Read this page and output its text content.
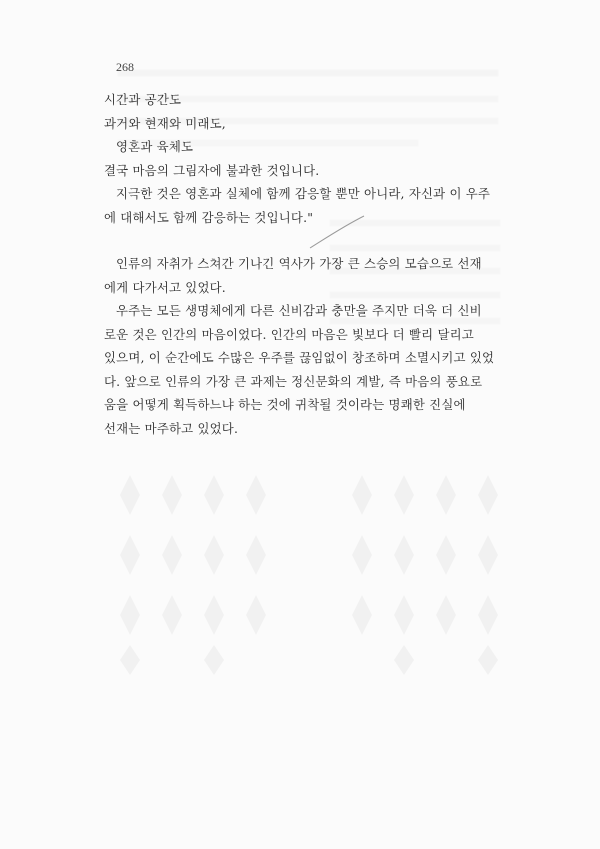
268

시간과 공간도

과거와 현재와 미래도,

영혼과 육체도

결국 마음의 그림자에 불과한 것입니다.

지극한 것은 영혼과 실체에 함께 감응할 뿐만 아니라, 자신과 이 우주

에 대해서도 함께 감응하는 것입니다."

인류의 자취가 스쳐간 기나긴 역사가 가장 큰 스승의 모습으로 선재

에게 다가서고 있었다.

우주는 모든 생명체에게 다른 신비감과 충만을 주지만 더욱 더 신비

로운 것은 인간의 마음이었다. 인간의 마음은 빛보다 더 빨리 달리고

있으며, 이 순간에도 수많은 우주를 끊임없이 창조하며 소멸시키고 있었

다. 앞으로 인류의 가장 큰 과제는 정신문화의 계발, 즉 마음의 풍요로

움을 어떻게 획득하느냐 하는 것에 귀착될 것이라는 명쾌한 진실에

선재는 마주하고 있었다.
